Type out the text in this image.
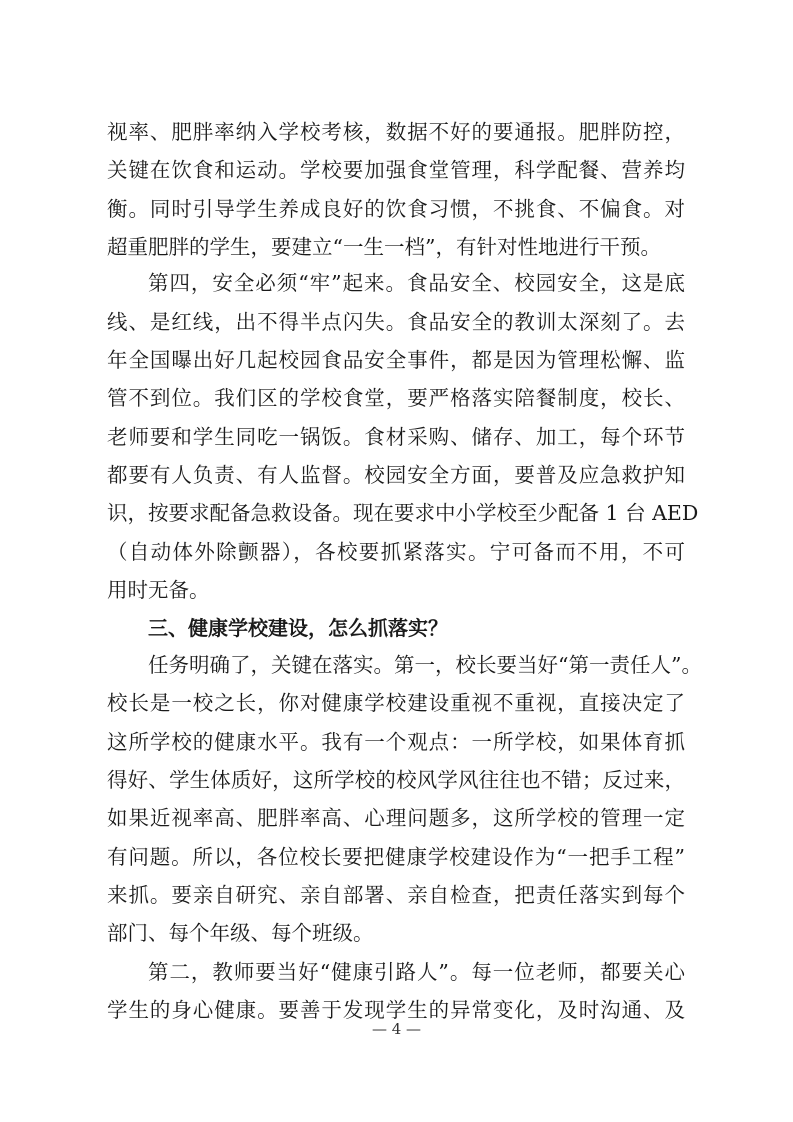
视率、肥胖率纳入学校考核，数据不好的要通报。肥胖防控，
关键在饮食和运动。学校要加强食堂管理，科学配餐、营养均
衡。同时引导学生养成良好的饮食习惯，不挑食、不偏食。对
超重肥胖的学生，要建立“一生一档”，有针对性地进行干预。
第四，安全必须“牢”起来。食品安全、校园安全，这是底
线、是红线，出不得半点闪失。食品安全的教训太深刻了。去
年全国曝出好几起校园食品安全事件，都是因为管理松懈、监
管不到位。我们区的学校食堂，要严格落实陪餐制度，校长、
老师要和学生同吃一锅饭。食材采购、储存、加工，每个环节
都要有人负责、有人监督。校园安全方面，要普及应急救护知
识，按要求配备急救设备。现在要求中小学校至少配备 1 台 AED
（自动体外除颤器），各校要抓紧落实。宁可备而不用，不可
用时无备。
三、健康学校建设，怎么抓落实？
任务明确了，关键在落实。第一，校长要当好“第一责任人”。
校长是一校之长，你对健康学校建设重视不重视，直接决定了
这所学校的健康水平。我有一个观点：一所学校，如果体育抓
得好、学生体质好，这所学校的校风学风往往也不错；反过来，
如果近视率高、肥胖率高、心理问题多，这所学校的管理一定
有问题。所以，各位校长要把健康学校建设作为“一把手工程”
来抓。要亲自研究、亲自部署、亲自检查，把责任落实到每个
部门、每个年级、每个班级。
第二，教师要当好“健康引路人”。每一位老师，都要关心
学生的身心健康。要善于发现学生的异常变化，及时沟通、及
— 4 —
